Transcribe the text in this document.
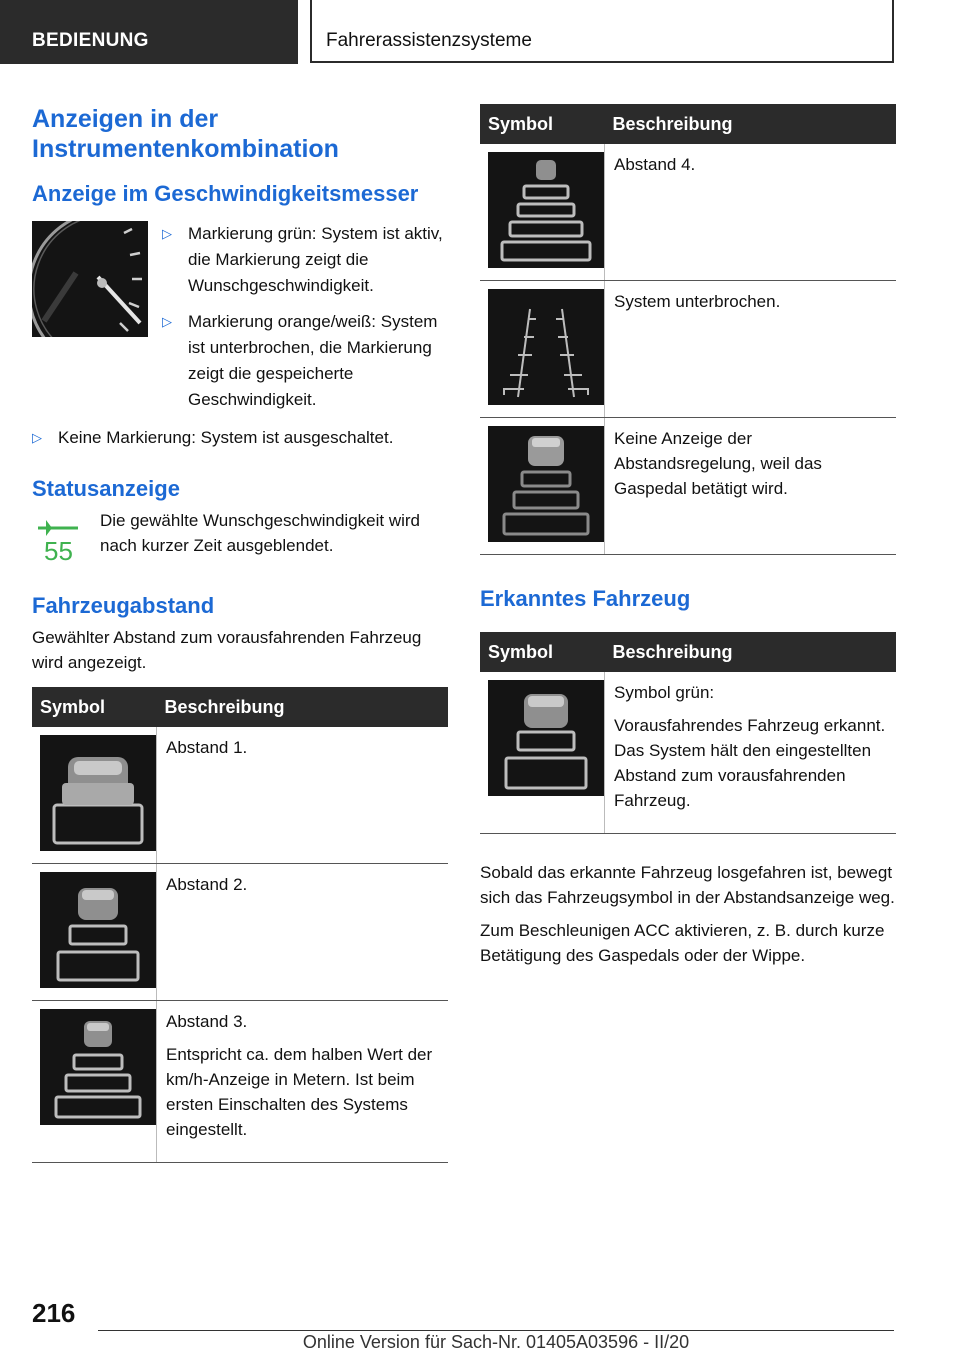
BEDIENUNG	Fahrerassistenzsysteme
Anzeigen in der Instrumentenkombination
Anzeige im Geschwindigkeitsmesser
▷ Markierung grün: System ist aktiv, die Markierung zeigt die Wunschgeschwindigkeit.
▷ Markierung orange/weiß: System ist unterbrochen, die Markierung zeigt die gespeicherte Geschwindigkeit.
▷ Keine Markierung: System ist ausgeschaltet.
Statusanzeige
55

Die gewählte Wunschgeschwindigkeit wird nach kurzer Zeit ausgeblendet.

Fahrzeugabstand

Gewählter Abstand zum vorausfahrenden Fahrzeug wird angezeigt.

Symbol	Beschreibung

Abstand 1.

Abstand 2.

Abstand 3.

Entspricht ca. dem halben Wert der km/h-Anzeige in Metern. Ist beim ersten Einschalten des Systems eingestellt.

Symbol	Beschreibung

Abstand 4.

System unterbrochen.

Keine Anzeige der Abstandsregelung, weil das Gaspedal betätigt wird.

Erkanntes Fahrzeug
Symbol	Beschreibung

Symbol grün:

Vorausfahrendes Fahrzeug erkannt. Das System hält den eingestellten Abstand zum vorausfahrenden Fahrzeug.

Sobald das erkannte Fahrzeug losgefahren ist, bewegt sich das Fahrzeugsymbol in der Abstandsanzeige weg.

Zum Beschleunigen ACC aktivieren, z. B. durch kurze Betätigung des Gaspedals oder der Wippe.

216
Online Version für Sach-Nr. 01405A03596 - II/20
